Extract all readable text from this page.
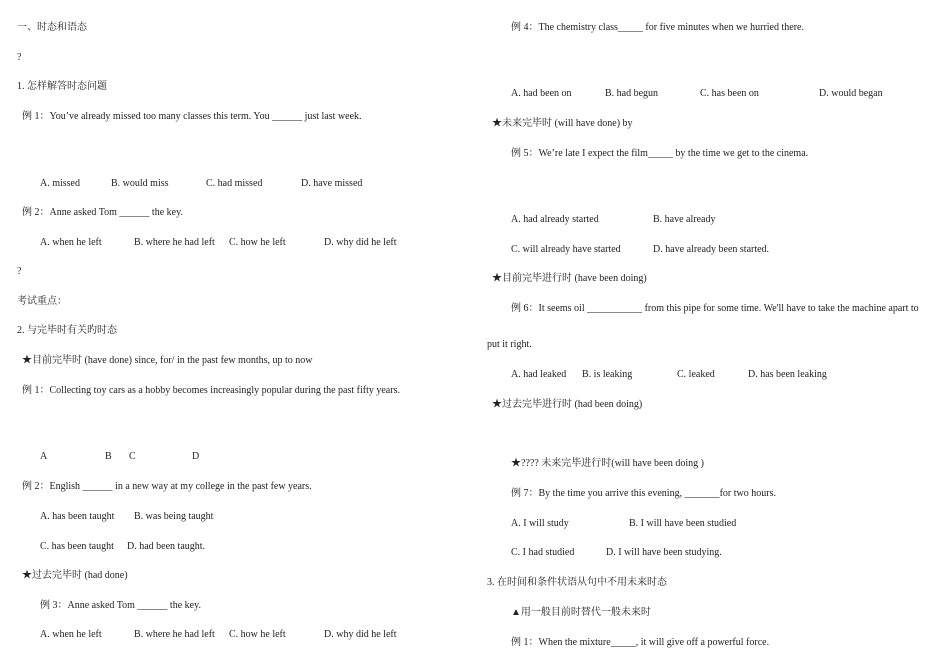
一、时态和语态
?
1. 怎样解答时态问题
例 1：You’ve already missed too many classes this term. You ______ just last week.
A. missed	B. would miss	C. had missed	D. have missed
例 2：Anne asked Tom ______ the key.
A. when he left	B. where he had left C. how he left	D. why did he left
?
考试重点：
2. 与完毕时有关旳时态
★目前完毕时 (have done) since, for/ in the past few months, up to now
例 1：Collecting toy cars as a hobby becomes increasingly popular during the past fifty years.
A	B C	D
例 2：English ______ in a new way at my college in the past few years.
A. has been taught B. was being taught
C. has been taught D. had been taught.
★过去完毕时 (had done)
例 3：Anne asked Tom ______ the key.
A. when he left	B. where he had left C. how he left	D. why did he left
例 4：The chemistry class_____ for five minutes when we hurried there.
A. had been on	B. had begun	C. has been on	D. would began
★未来完毕时 (will have done) by
例 5：We’re late I expect the film_____ by the time we get to the cinema.
A. had already started	B. have already
C. will already have started	D. have already been started.
★目前完毕进行时 (have been doing)
例 6：It seems oil ___________ from this pipe for some time. We'll have to take the machine apart to
put it right.
A. had leaked B. is leaking	C. leaked	D. has been leaking
★过去完毕进行时 (had been doing)
★???? 未来完毕进行时(will have been doing )
例 7：By the time you arrive this evening, _______for two hours.
A. I will study	B. I will have been studied
C. I had studied	D. I will have been studying.
3. 在时间和条件状语从句中不用未来时态
▲用一般目前时替代一般未来时
例 1：When the mixture_____, it will give off a powerful force.
